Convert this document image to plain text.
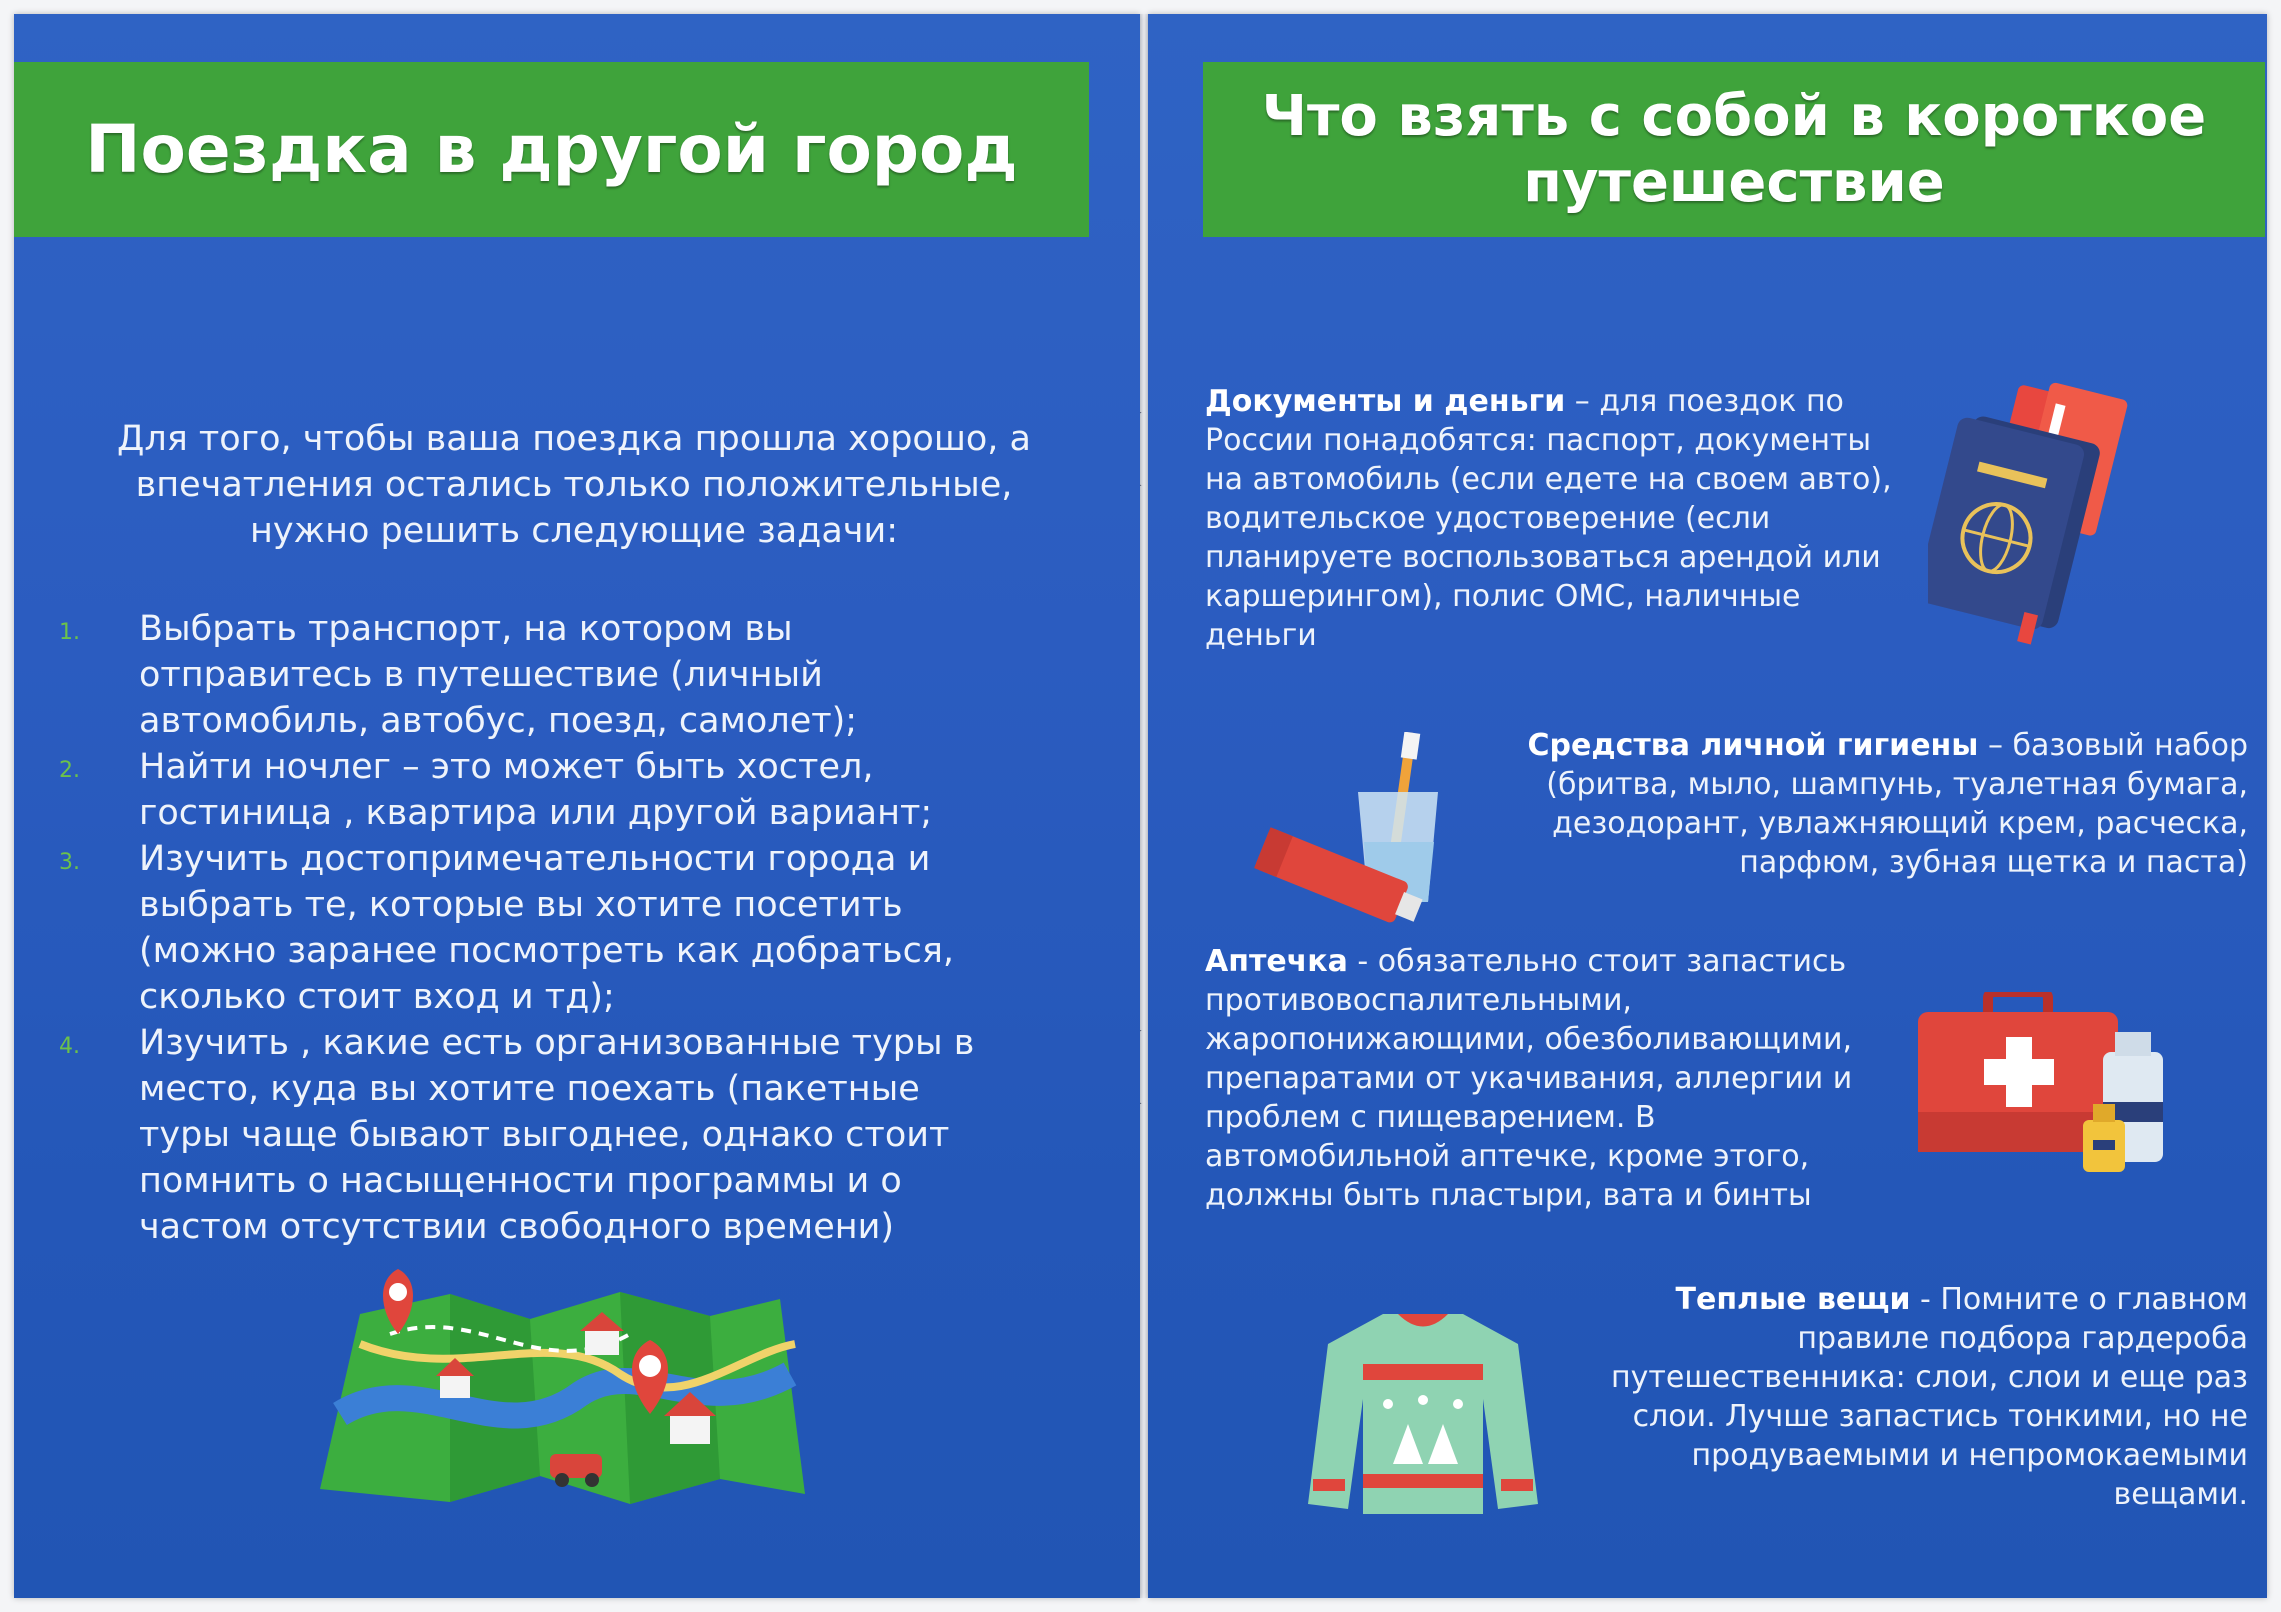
Поездка в другой город
Для того, чтобы ваша поездка прошла хорошо, а впечатления остались только положительные, нужно решить следующие задачи:
1.	Выбрать транспорт, на котором вы отправитесь в путешествие (личный автомобиль, автобус, поезд, самолет);
2.	Найти ночлег – это может быть хостел, гостиница , квартира или другой вариант;
3.	Изучить достопримечательности города и выбрать те, которые вы хотите посетить (можно заранее посмотреть как добраться, сколько стоит вход и тд);
4.	Изучить , какие есть организованные туры в место, куда вы хотите поехать (пакетные туры чаще бывают выгоднее, однако стоит помнить о насыщенности программы и о частом отсутствии свободного времени)
Что взять с собой в короткое путешествие
Документы и деньги – для поездок по России понадобятся: паспорт, документы на автомобиль (если едете на своем авто), водительское удостоверение (если планируете воспользоваться арендой или каршерингом), полис ОМС, наличные деньги
Средства личной гигиены – базовый набор (бритва, мыло, шампунь, туалетная бумага, дезодорант, увлажняющий крем, расческа, парфюм, зубная щетка и паста)
Аптечка - обязательно стоит запастись противовоспалительными, жаропонижающими, обезболивающими, препаратами от укачивания, аллергии и проблем с пищеварением. В автомобильной аптечке, кроме этого, должны быть пластыри, вата и бинты
Теплые вещи - Помните о главном правиле подбора гардероба путешественника: слои, слои и еще раз слои. Лучше запастись тонкими, но не продуваемыми и непромокаемыми вещами.
